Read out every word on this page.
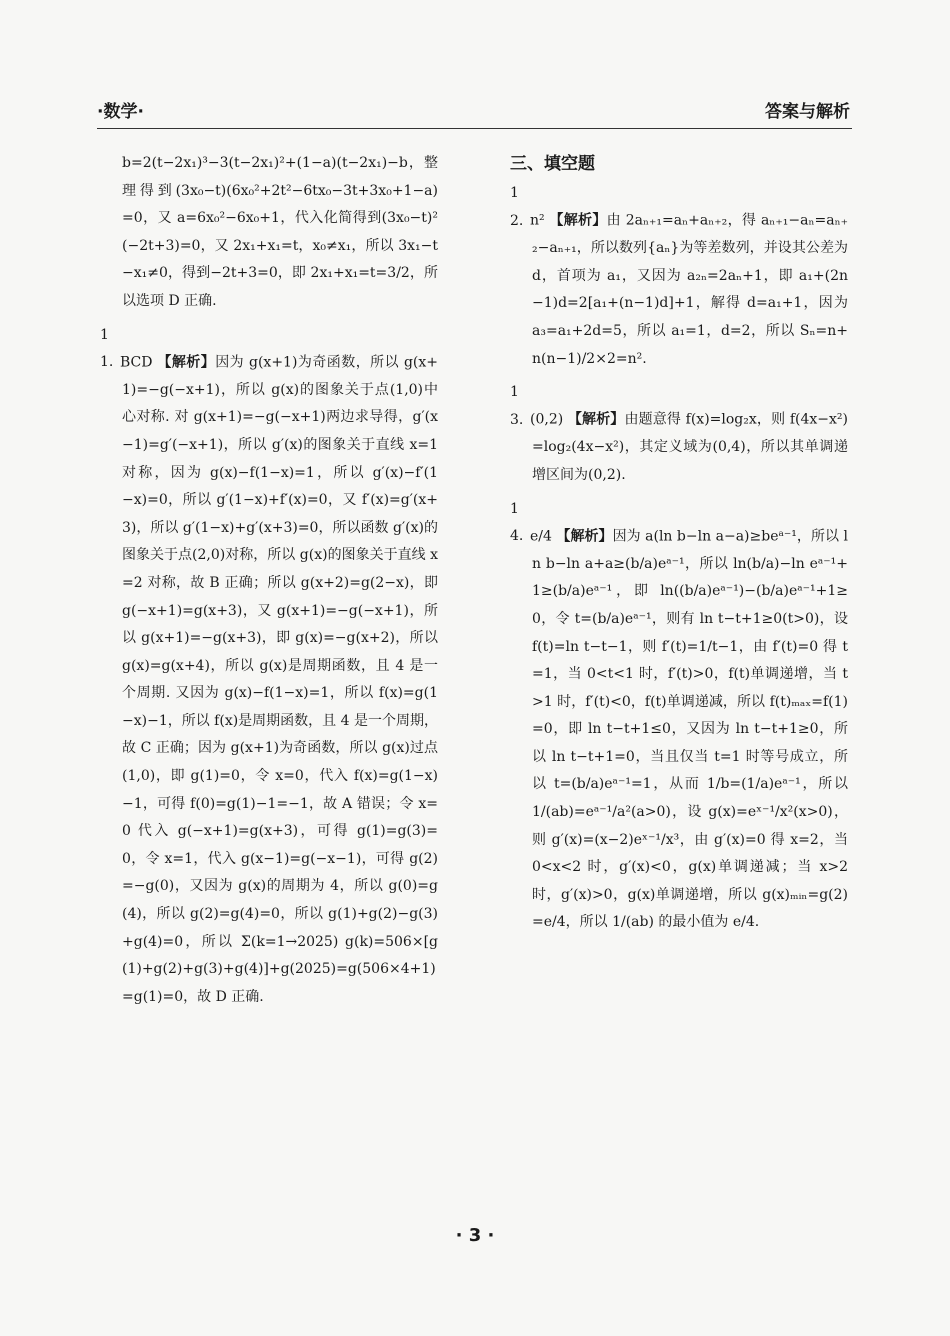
·数学·	答案与解析
b=2(t−2x₁)³−3(t−2x₁)²+(1−a)(t−2x₁)−b，整理得到(3x₀−t)(6x₀²+2t²−6tx₀−3t+3x₀+1−a)=0，又 a=6x₀²−6x₀+1，代入化简得到(3x₀−t)²(−2t+3)=0，又 2x₁+x₁=t，x₀≠x₁，所以 3x₁−t−x₁≠0，得到−2t+3=0，即 2x₁+x₁=t=3/2，所以选项 D 正确.
11. BCD 【解析】因为 g(x+1)为奇函数，所以 g(x+1)=−g(−x+1)，所以 g(x)的图象关于点(1,0)中心对称. 对 g(x+1)=−g(−x+1)两边求导得，g′(x−1)=g′(−x+1)，所以 g′(x)的图象关于直线 x=1 对称，因为 g(x)−f(1−x)=1，所以 g′(x)−f′(1−x)=0，所以 g′(1−x)+f′(x)=0，又 f′(x)=g′(x+3)，所以 g′(1−x)+g′(x+3)=0，所以函数 g′(x)的图象关于点(2,0)对称，所以 g(x)的图象关于直线 x=2 对称，故 B 正确；所以 g(x+2)=g(2−x)，即 g(−x+1)=g(x+3)，又 g(x+1)=−g(−x+1)，所以 g(x+1)=−g(x+3)，即 g(x)=−g(x+2)，所以 g(x)=g(x+4)，所以 g(x)是周期函数，且 4 是一个周期. 又因为 g(x)−f(1−x)=1，所以 f(x)=g(1−x)−1，所以 f(x)是周期函数，且 4 是一个周期，故 C 正确；因为 g(x+1)为奇函数，所以 g(x)过点(1,0)，即 g(1)=0，令 x=0，代入 f(x)=g(1−x)−1，可得 f(0)=g(1)−1=−1，故 A 错误；令 x=0 代入 g(−x+1)=g(x+3)，可得 g(1)=g(3)=0，令 x=1，代入 g(x−1)=g(−x−1)，可得 g(2)=−g(0)，又因为 g(x)的周期为 4，所以 g(0)=g(4)，所以 g(2)=g(4)=0，所以 g(1)+g(2)−g(3)+g(4)=0，所以 Σ(k=1→2025) g(k)=506×[g(1)+g(2)+g(3)+g(4)]+g(2025)=g(506×4+1)=g(1)=0，故 D 正确.
三、填空题
12. n² 【解析】由 2aₙ₊₁=aₙ+aₙ₊₂，得 aₙ₊₁−aₙ=aₙ₊₂−aₙ₊₁，所以数列{aₙ}为等差数列，并设其公差为 d，首项为 a₁，又因为 a₂ₙ=2aₙ+1，即 a₁+(2n−1)d=2[a₁+(n−1)d]+1，解得 d=a₁+1，因为 a₃=a₁+2d=5，所以 a₁=1，d=2，所以 Sₙ=n+n(n−1)/2×2=n².
13. (0,2) 【解析】由题意得 f(x)=log₂x，则 f(4x−x²)=log₂(4x−x²)，其定义域为(0,4)，所以其单调递增区间为(0,2).
14. e/4 【解析】因为 a(ln b−ln a−a)≥beᵃ⁻¹，所以 ln b−ln a+a≥(b/a)eᵃ⁻¹，所以 ln(b/a)−ln eᵃ⁻¹+1≥(b/a)eᵃ⁻¹，即 ln((b/a)eᵃ⁻¹)−(b/a)eᵃ⁻¹+1≥0，令 t=(b/a)eᵃ⁻¹，则有 ln t−t+1≥0(t>0)，设 f(t)=ln t−t−1，则 f′(t)=1/t−1，由 f′(t)=0 得 t=1，当 0<t<1 时，f′(t)>0，f(t)单调递增，当 t>1 时，f′(t)<0，f(t)单调递减，所以 f(t)ₘₐₓ=f(1)=0，即 ln t−t+1≤0，又因为 ln t−t+1≥0，所以 ln t−t+1=0，当且仅当 t=1 时等号成立，所以 t=(b/a)eᵃ⁻¹=1，从而 1/b=(1/a)eᵃ⁻¹，所以 1/(ab)=eᵃ⁻¹/a²(a>0)，设 g(x)=eˣ⁻¹/x²(x>0)，则 g′(x)=(x−2)eˣ⁻¹/x³，由 g′(x)=0 得 x=2，当 0<x<2 时，g′(x)<0，g(x)单调递减；当 x>2 时，g′(x)>0，g(x)单调递增，所以 g(x)ₘᵢₙ=g(2)=e/4，所以 1/(ab) 的最小值为 e/4.
· 3 ·
